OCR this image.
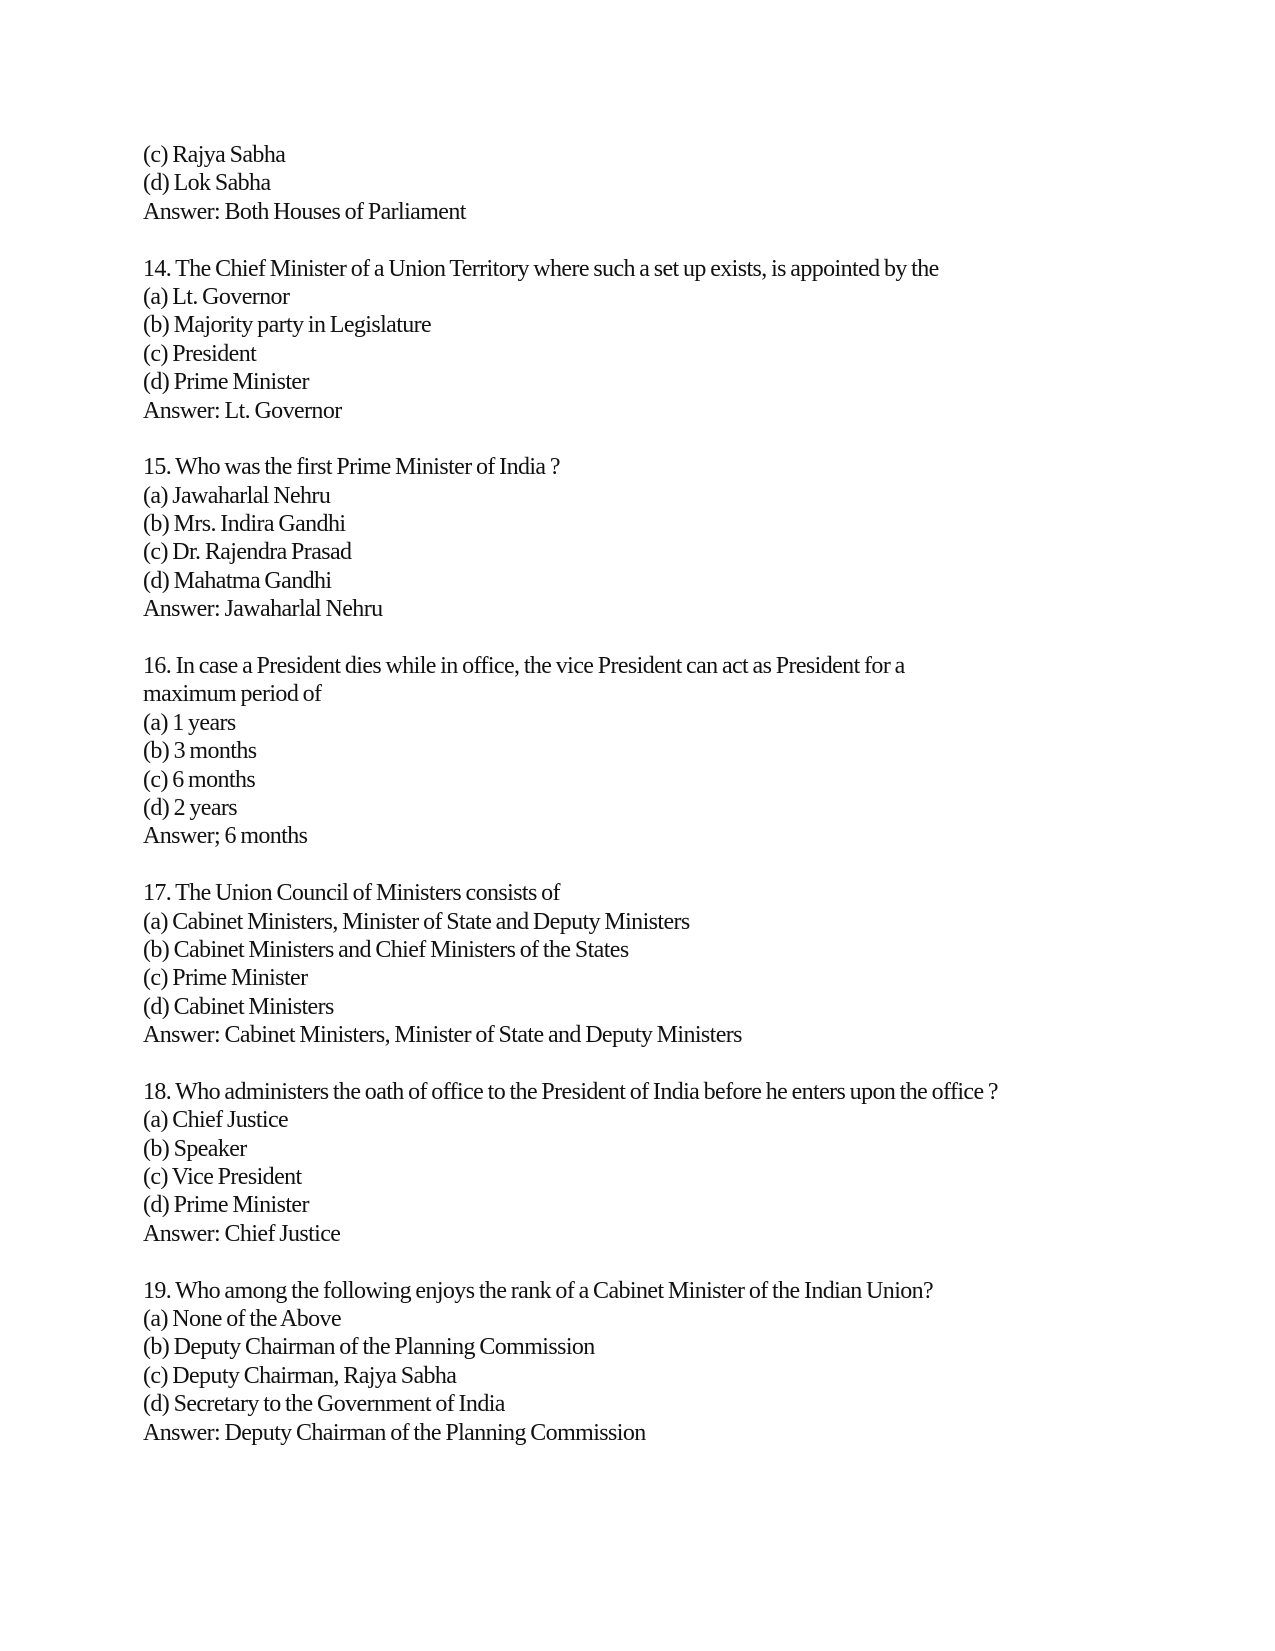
(c) Rajya Sabha
(d) Lok Sabha
Answer: Both Houses of Parliament
14. The Chief Minister of a Union Territory where such a set up exists, is appointed by the
(a) Lt. Governor
(b) Majority party in Legislature
(c) President
(d) Prime Minister
Answer: Lt. Governor
15. Who was the first Prime Minister of India ?
(a) Jawaharlal Nehru
(b) Mrs. Indira Gandhi
(c) Dr. Rajendra Prasad
(d) Mahatma Gandhi
Answer: Jawaharlal Nehru
16. In case a President dies while in office, the vice President can act as President for a
maximum period of
(a) 1 years
(b) 3 months
(c) 6 months
(d) 2 years
Answer; 6 months
17. The Union Council of Ministers consists of
(a) Cabinet Ministers, Minister of State and Deputy Ministers
(b) Cabinet Ministers and Chief Ministers of the States
(c) Prime Minister
(d) Cabinet Ministers
Answer: Cabinet Ministers, Minister of State and Deputy Ministers
18. Who administers the oath of office to the President of India before he enters upon the office ?
(a) Chief Justice
(b) Speaker
(c) Vice President
(d) Prime Minister
Answer: Chief Justice
19. Who among the following enjoys the rank of a Cabinet Minister of the Indian Union?
(a) None of the Above
(b) Deputy Chairman of the Planning Commission
(c) Deputy Chairman, Rajya Sabha
(d) Secretary to the Government of India
Answer: Deputy Chairman of the Planning Commission
